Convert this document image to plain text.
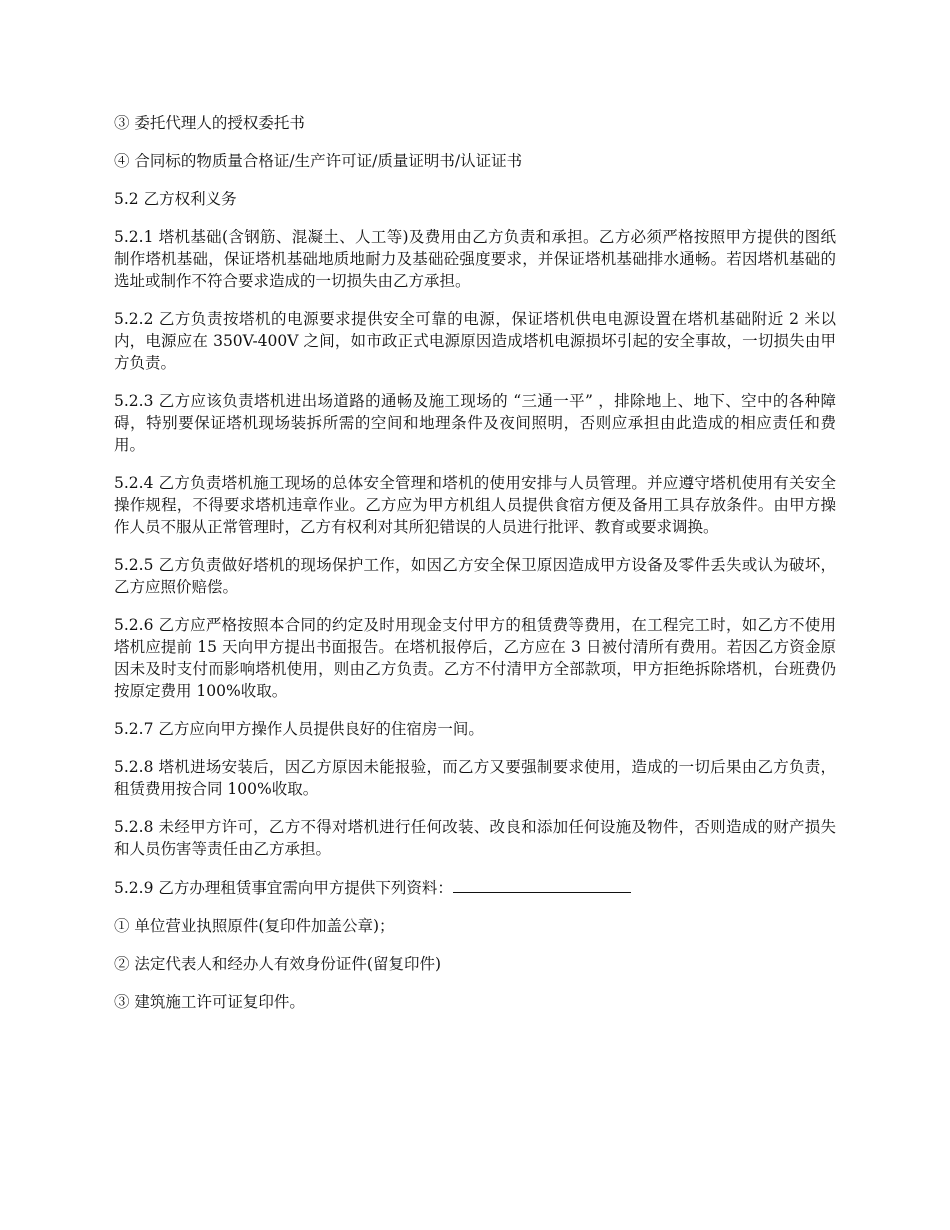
③ 委托代理人的授权委托书

④ 合同标的物质量合格证/生产许可证/质量证明书/认证证书

5.2 乙方权利义务

5.2.1 塔机基础(含钢筋、混凝土、人工等)及费用由乙方负责和承担。乙方必须严格按照甲方提供的图纸制作塔机基础，保证塔机基础地质地耐力及基础砼强度要求，并保证塔机基础排水通畅。若因塔机基础的选址或制作不符合要求造成的一切损失由乙方承担。

5.2.2 乙方负责按塔机的电源要求提供安全可靠的电源，保证塔机供电电源设置在塔机基础附近 2 米以内，电源应在 350V-400V 之间，如市政正式电源原因造成塔机电源损坏引起的安全事故，一切损失由甲方负责。

5.2.3 乙方应该负责塔机进出场道路的通畅及施工现场的 “三通一平” ，排除地上、地下、空中的各种障碍，特别要保证塔机现场装拆所需的空间和地理条件及夜间照明，否则应承担由此造成的相应责任和费用。

5.2.4 乙方负责塔机施工现场的总体安全管理和塔机的使用安排与人员管理。并应遵守塔机使用有关安全操作规程，不得要求塔机违章作业。乙方应为甲方机组人员提供食宿方便及备用工具存放条件。由甲方操作人员不服从正常管理时，乙方有权利对其所犯错误的人员进行批评、教育或要求调换。

5.2.5 乙方负责做好塔机的现场保护工作，如因乙方安全保卫原因造成甲方设备及零件丢失或认为破坏，乙方应照价赔偿。

5.2.6 乙方应严格按照本合同的约定及时用现金支付甲方的租赁费等费用，在工程完工时，如乙方不使用塔机应提前 15 天向甲方提出书面报告。在塔机报停后，乙方应在 3 日被付清所有费用。若因乙方资金原因未及时支付而影响塔机使用，则由乙方负责。乙方不付清甲方全部款项，甲方拒绝拆除塔机，台班费仍按原定费用 100%收取。

5.2.7 乙方应向甲方操作人员提供良好的住宿房一间。

5.2.8 塔机进场安装后，因乙方原因未能报验，而乙方又要强制要求使用，造成的一切后果由乙方负责，租赁费用按合同 100%收取。

5.2.8 未经甲方许可，乙方不得对塔机进行任何改装、改良和添加任何设施及物件，否则造成的财产损失和人员伤害等责任由乙方承担。

5.2.9 乙方办理租赁事宜需向甲方提供下列资料：

① 单位营业执照原件(复印件加盖公章)；

② 法定代表人和经办人有效身份证件(留复印件)

③ 建筑施工许可证复印件。
